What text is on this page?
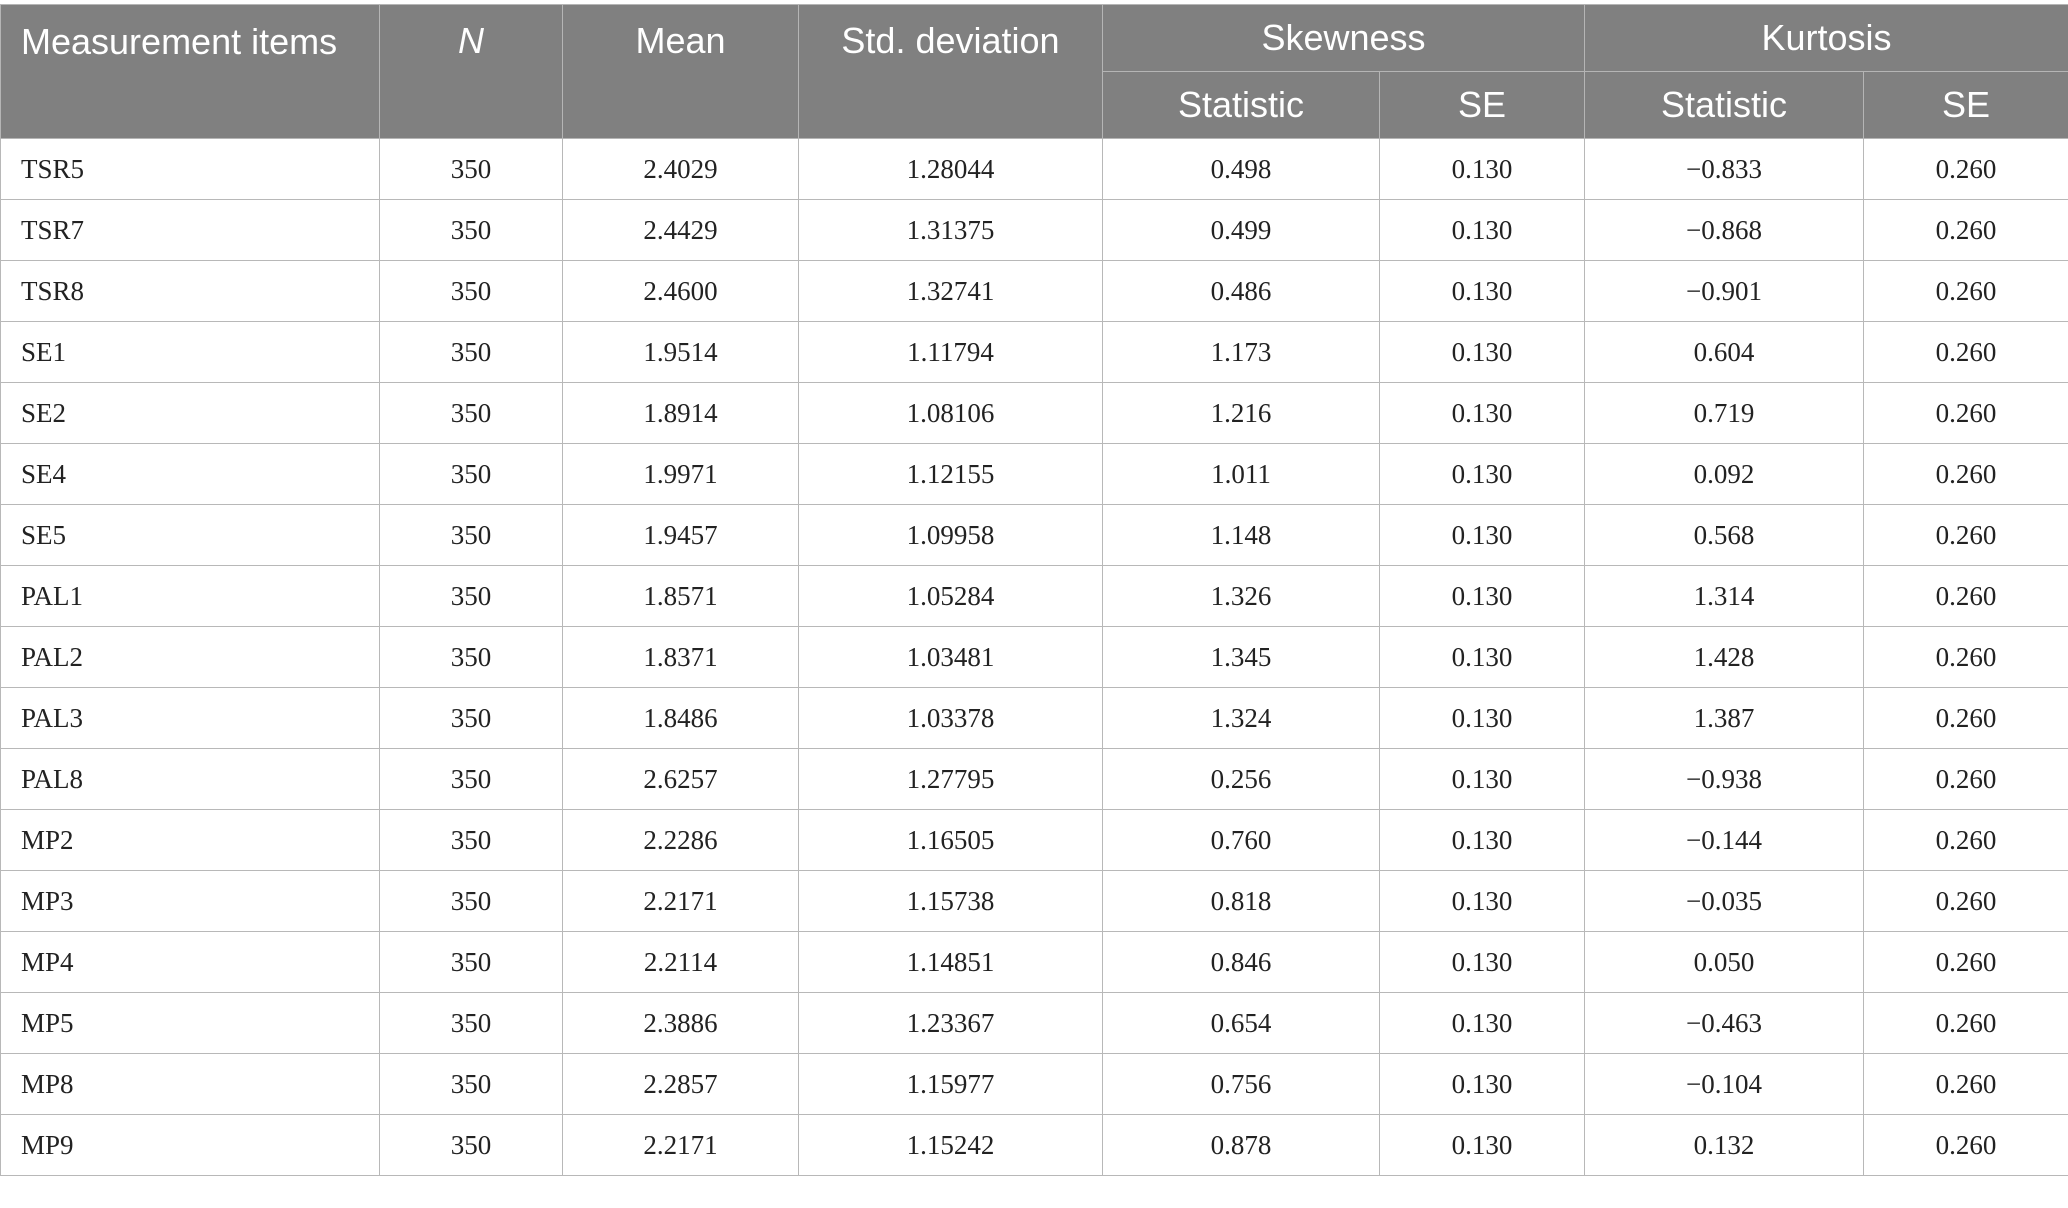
Measurement items	N	Mean	Std. deviation	Skewness		Kurtosis	
				Statistic	SE	Statistic	SE
TSR5	350	2.4029	1.28044	0.498	0.130	−0.833	0.260
TSR7	350	2.4429	1.31375	0.499	0.130	−0.868	0.260
TSR8	350	2.4600	1.32741	0.486	0.130	−0.901	0.260
SE1	350	1.9514	1.11794	1.173	0.130	0.604	0.260
SE2	350	1.8914	1.08106	1.216	0.130	0.719	0.260
SE4	350	1.9971	1.12155	1.011	0.130	0.092	0.260
SE5	350	1.9457	1.09958	1.148	0.130	0.568	0.260
PAL1	350	1.8571	1.05284	1.326	0.130	1.314	0.260
PAL2	350	1.8371	1.03481	1.345	0.130	1.428	0.260
PAL3	350	1.8486	1.03378	1.324	0.130	1.387	0.260
PAL8	350	2.6257	1.27795	0.256	0.130	−0.938	0.260
MP2	350	2.2286	1.16505	0.760	0.130	−0.144	0.260
MP3	350	2.2171	1.15738	0.818	0.130	−0.035	0.260
MP4	350	2.2114	1.14851	0.846	0.130	0.050	0.260
MP5	350	2.3886	1.23367	0.654	0.130	−0.463	0.260
MP8	350	2.2857	1.15977	0.756	0.130	−0.104	0.260
MP9	350	2.2171	1.15242	0.878	0.130	0.132	0.260
